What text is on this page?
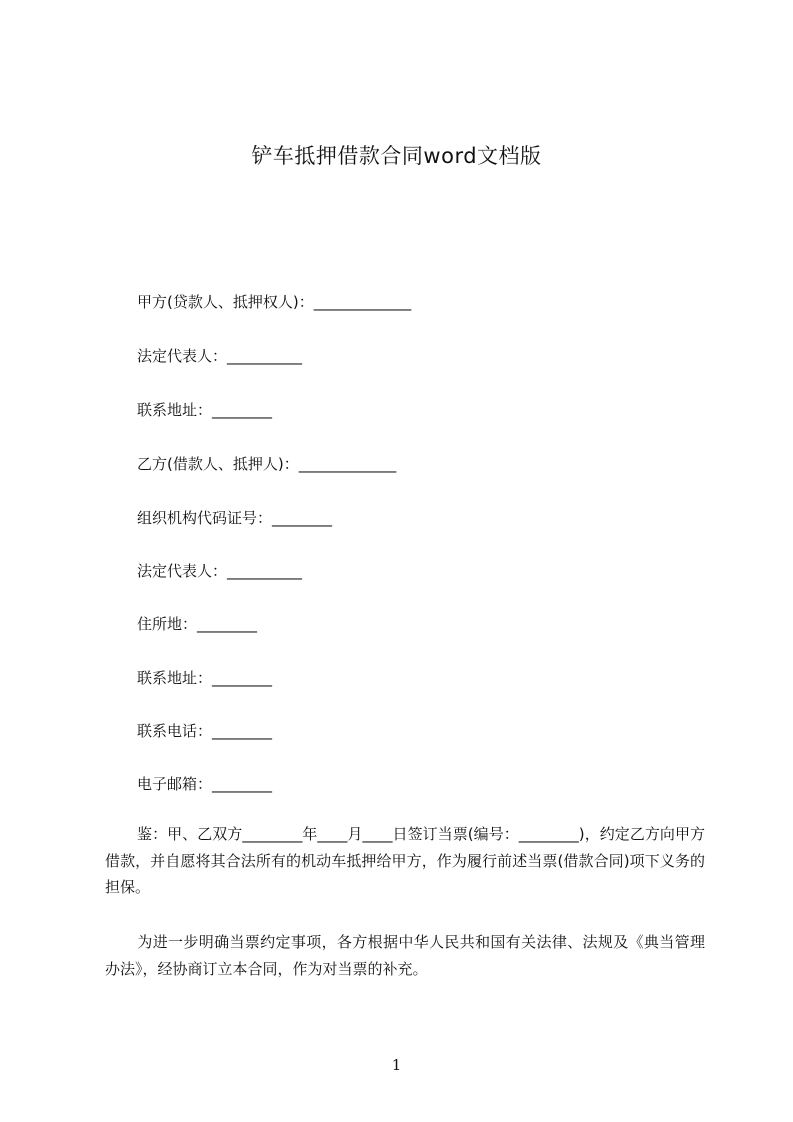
铲车抵押借款合同word文档版
甲方(贷款人、抵押权人)：_____________
法定代表人：__________
联系地址：________
乙方(借款人、抵押人)：_____________
组织机构代码证号：________
法定代表人：__________
住所地：________
联系地址：________
联系电话：________
电子邮箱：________
鉴：甲、乙双方________年____月____日签订当票(编号：________)，约定乙方向甲方借款，并自愿将其合法所有的机动车抵押给甲方，作为履行前述当票(借款合同)项下义务的担保。
为进一步明确当票约定事项，各方根据中华人民共和国有关法律、法规及《典当管理办法》，经协商订立本合同，作为对当票的补充。
1
